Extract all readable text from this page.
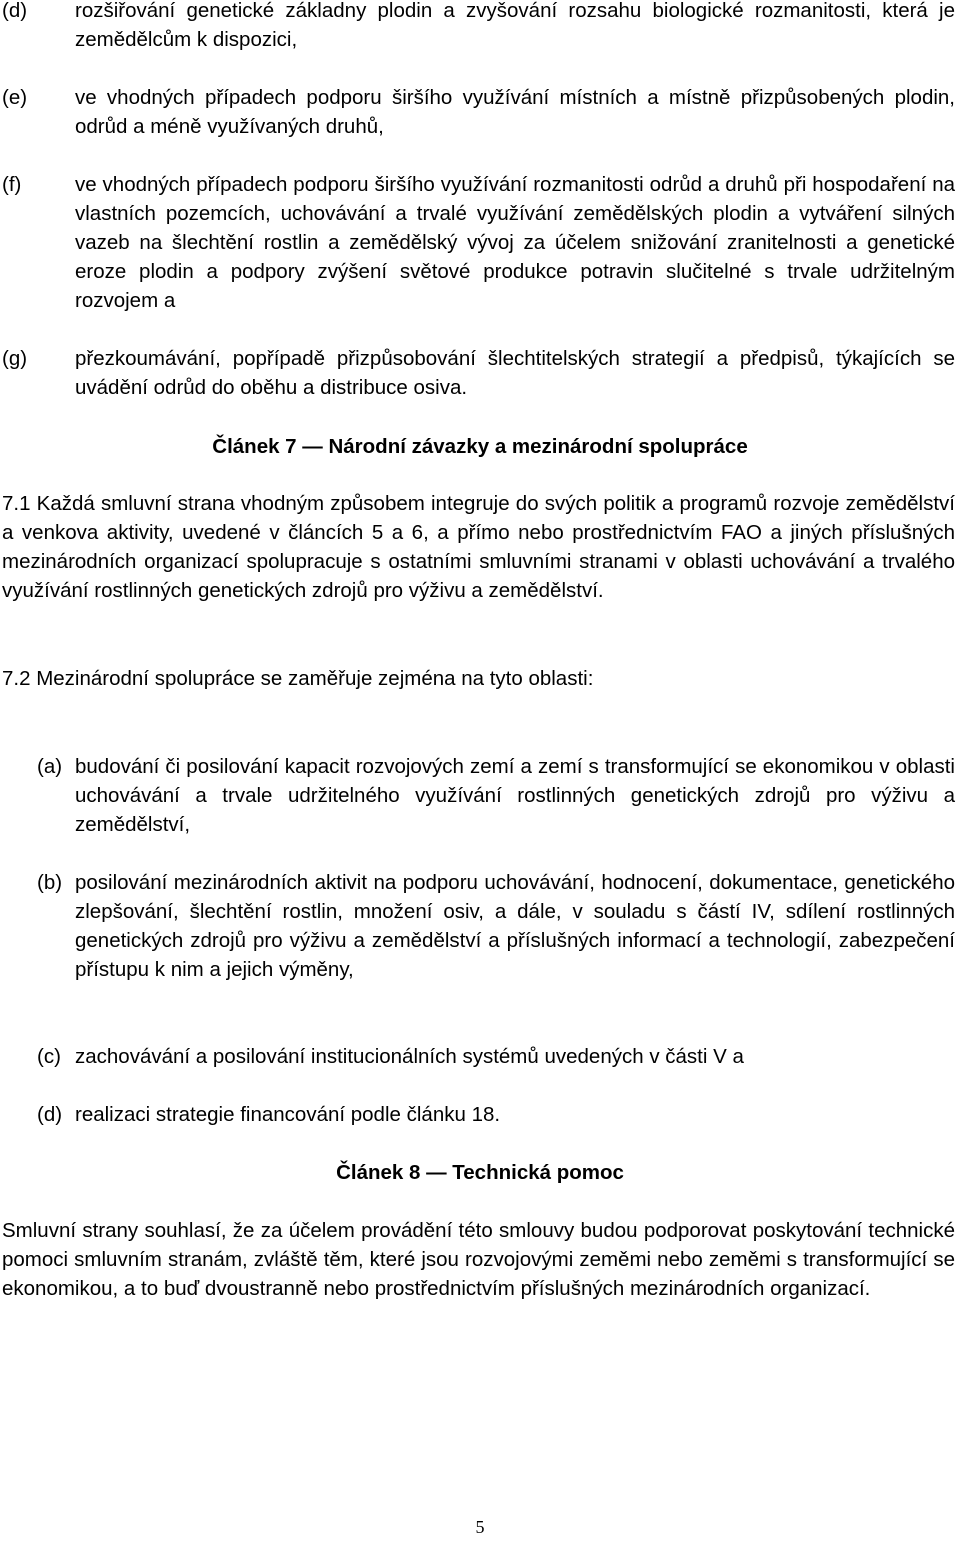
(d)	rozšiřování genetické základny plodin a zvyšování rozsahu biologické rozmanitosti, která je zemědělcům k dispozici,
(e)	ve vhodných případech podporu širšího využívání místních a místně přizpůsobených plodin, odrůd a méně využívaných druhů,
(f)	ve vhodných případech podporu širšího využívání rozmanitosti odrůd a druhů při hospodaření na vlastních pozemcích, uchovávání a trvalé využívání zemědělských plodin a vytváření silných vazeb na šlechtění rostlin a zemědělský vývoj za účelem snižování zranitelnosti a genetické eroze plodin a podpory zvýšení světové produkce potravin slučitelné s trvale udržitelným rozvojem a
(g)	přezkoumávání, popřípadě přizpůsobování šlechtitelských strategií a předpisů, týkajících se uvádění odrůd do oběhu a distribuce osiva.
Článek 7 — Národní závazky a mezinárodní spolupráce

7.1 Každá smluvní strana vhodným způsobem integruje do svých politik a programů rozvoje zemědělství a venkova aktivity, uvedené v článcích 5 a 6, a přímo nebo prostřednictvím FAO a jiných příslušných mezinárodních organizací spolupracuje s ostatními smluvními stranami v oblasti uchovávání a trvalého využívání rostlinných genetických zdrojů pro výživu a zemědělství.

7.2 Mezinárodní spolupráce se zaměřuje zejména na tyto oblasti:

(a) budování či posilování kapacit rozvojových zemí a zemí s transformující se ekonomikou v oblasti uchovávání a trvale udržitelného využívání rostlinných genetických zdrojů pro výživu a zemědělství,
(b) posilování mezinárodních aktivit na podporu uchovávání, hodnocení, dokumentace, genetického zlepšování, šlechtění rostlin, množení osiv, a dále, v souladu s částí IV, sdílení rostlinných genetických zdrojů pro výživu a zemědělství a příslušných informací a technologií, zabezpečení přístupu k nim a jejich výměny,
(c) zachovávání a posilování institucionálních systémů uvedených v části V a
(d) realizaci strategie financování podle článku 18.
Článek 8 — Technická pomoc

Smluvní strany souhlasí, že za účelem provádění této smlouvy budou podporovat poskytování technické pomoci smluvním stranám, zvláště těm, které jsou rozvojovými zeměmi nebo zeměmi s transformující se ekonomikou, a to buď dvoustranně nebo prostřednictvím příslušných mezinárodních organizací.

5
